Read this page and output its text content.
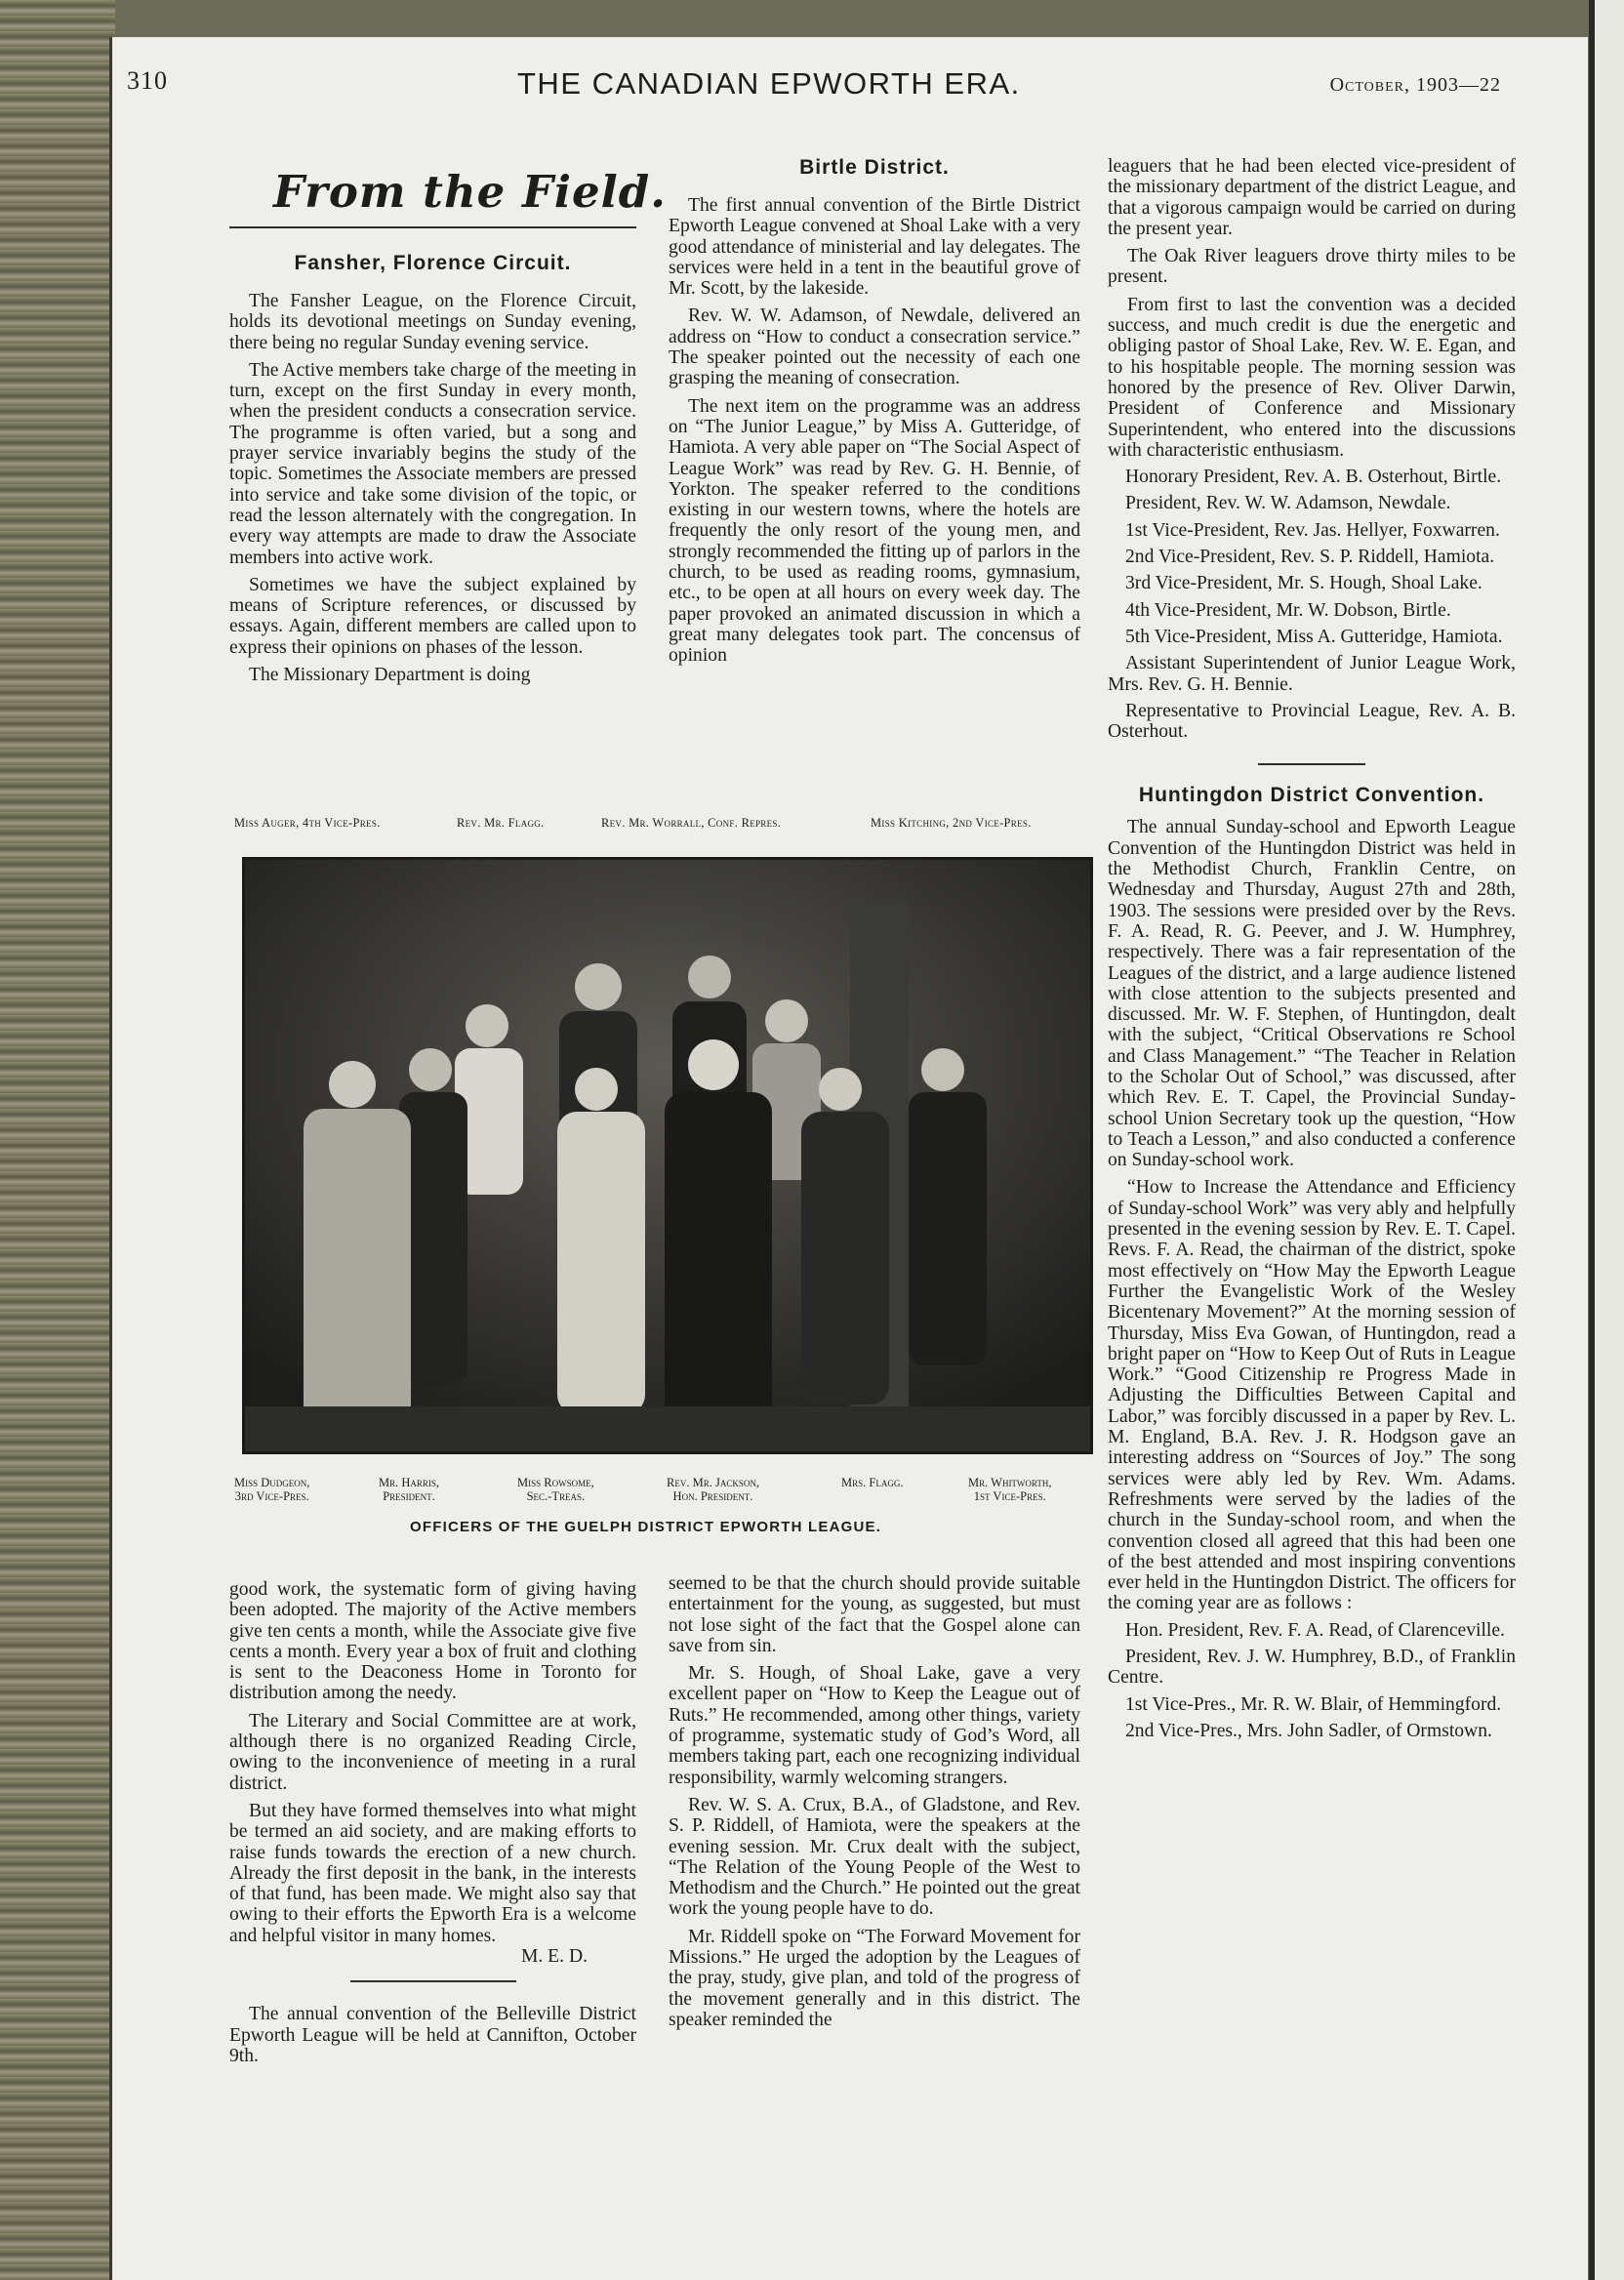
310	THE CANADIAN EPWORTH ERA.	October, 1903—22
From the Field.
Fansher, Florence Circuit.

The Fansher League, on the Florence Circuit, holds its devotional meetings on Sunday evening, there being no regular Sunday evening service.

The Active members take charge of the meeting in turn, except on the first Sunday in every month, when the president conducts a consecration service. The programme is often varied, but a song and prayer service invariably begins the study of the topic. Sometimes the Associate members are pressed into service and take some division of the topic, or read the lesson alternately with the congregation. In every way attempts are made to draw the Associate members into active work.

Sometimes we have the subject explained by means of Scripture references, or discussed by essays. Again, different members are called upon to express their opinions on phases of the lesson.

The Missionary Department is doing

Birtle District.

The first annual convention of the Birtle District Epworth League convened at Shoal Lake with a very good attendance of ministerial and lay delegates. The services were held in a tent in the beautiful grove of Mr. Scott, by the lakeside.

Rev. W. W. Adamson, of Newdale, delivered an address on “How to conduct a consecration service.” The speaker pointed out the necessity of each one grasping the meaning of consecration.

The next item on the programme was an address on “The Junior League,” by Miss A. Gutteridge, of Hamiota. A very able paper on “The Social Aspect of League Work” was read by Rev. G. H. Bennie, of Yorkton. The speaker referred to the conditions existing in our western towns, where the hotels are frequently the only resort of the young men, and strongly recommended the fitting up of parlors in the church, to be used as reading rooms, gymnasium, etc., to be open at all hours on every week day. The paper provoked an animated discussion in which a great many delegates took part. The concensus of opinion

leaguers that he had been elected vice-president of the missionary department of the district League, and that a vigorous campaign would be carried on during the present year.

The Oak River leaguers drove thirty miles to be present.

From first to last the convention was a decided success, and much credit is due the energetic and obliging pastor of Shoal Lake, Rev. W. E. Egan, and to his hospitable people. The morning session was honored by the presence of Rev. Oliver Darwin, President of Conference and Missionary Superintendent, who entered into the discussions with characteristic enthusiasm.

Honorary President, Rev. A. B. Osterhout, Birtle.

President, Rev. W. W. Adamson, Newdale.

1st Vice-President, Rev. Jas. Hellyer, Foxwarren.

2nd Vice-President, Rev. S. P. Riddell, Hamiota.

3rd Vice-President, Mr. S. Hough, Shoal Lake.

4th Vice-President, Mr. W. Dobson, Birtle.

5th Vice-President, Miss A. Gutteridge, Hamiota.

Assistant Superintendent of Junior League Work, Mrs. Rev. G. H. Bennie.

Representative to Provincial League, Rev. A. B. Osterhout.

Huntingdon District Convention.

The annual Sunday-school and Epworth League Convention of the Huntingdon District was held in the Methodist Church, Franklin Centre, on Wednesday and Thursday, August 27th and 28th, 1903. The sessions were presided over by the Revs. F. A. Read, R. G. Peever, and J. W. Humphrey, respectively. There was a fair representation of the Leagues of the district, and a large audience listened with close attention to the subjects presented and discussed. Mr. W. F. Stephen, of Huntingdon, dealt with the subject, “Critical Observations re School and Class Management.” “The Teacher in Relation to the Scholar Out of School,” was discussed, after which Rev. E. T. Capel, the Provincial Sunday-school Union Secretary took up the question, “How to Teach a Lesson,” and also conducted a conference on Sunday-school work.

“How to Increase the Attendance and Efficiency of Sunday-school Work” was very ably and helpfully presented in the evening session by Rev. E. T. Capel. Revs. F. A. Read, the chairman of the district, spoke most effectively on “How May the Epworth League Further the Evangelistic Work of the Wesley Bicentenary Movement?” At the morning session of Thursday, Miss Eva Gowan, of Huntingdon, read a bright paper on “How to Keep Out of Ruts in League Work.” “Good Citizenship re Progress Made in Adjusting the Difficulties Between Capital and Labor,” was forcibly discussed in a paper by Rev. L. M. England, B.A. Rev. J. R. Hodgson gave an interesting address on “Sources of Joy.” The song services were ably led by Rev. Wm. Adams. Refreshments were served by the ladies of the church in the Sunday-school room, and when the convention closed all agreed that this had been one of the best attended and most inspiring conventions ever held in the Huntingdon District. The officers for the coming year are as follows :

Hon. President, Rev. F. A. Read, of Clarenceville.

President, Rev. J. W. Humphrey, B.D., of Franklin Centre.

1st Vice-Pres., Mr. R. W. Blair, of Hemmingford.

2nd Vice-Pres., Mrs. John Sadler, of Ormstown.

Miss Auger, 4th Vice-Pres.	Rev. Mr. Flagg.	Rev. Mr. Worrall, Conf. Repres.	Miss Kitching, 2nd Vice-Pres.
Miss Dudgeon,
3rd Vice-Pres.
Mr. Harris,
President.
Miss Rowsome,
Sec.-Treas.
Rev. Mr. Jackson,
Hon. President.
Mrs. Flagg.	Mr. Whitworth,
1st Vice-Pres.
OFFICERS OF THE GUELPH DISTRICT EPWORTH LEAGUE.

good work, the systematic form of giving having been adopted. The majority of the Active members give ten cents a month, while the Associate give five cents a month. Every year a box of fruit and clothing is sent to the Deaconess Home in Toronto for distribution among the needy.

The Literary and Social Committee are at work, although there is no organized Reading Circle, owing to the inconvenience of meeting in a rural district.

But they have formed themselves into what might be termed an aid society, and are making efforts to raise funds towards the erection of a new church. Already the first deposit in the bank, in the interests of that fund, has been made. We might also say that owing to their efforts the Epworth Era is a welcome and helpful visitor in many homes.

M. E. D.

The annual convention of the Belleville District Epworth League will be held at Cannifton, October 9th.

seemed to be that the church should provide suitable entertainment for the young, as suggested, but must not lose sight of the fact that the Gospel alone can save from sin.

Mr. S. Hough, of Shoal Lake, gave a very excellent paper on “How to Keep the League out of Ruts.” He recommended, among other things, variety of programme, systematic study of God’s Word, all members taking part, each one recognizing individual responsibility, warmly welcoming strangers.

Rev. W. S. A. Crux, B.A., of Gladstone, and Rev. S. P. Riddell, of Hamiota, were the speakers at the evening session. Mr. Crux dealt with the subject, “The Relation of the Young People of the West to Methodism and the Church.” He pointed out the great work the young people have to do.

Mr. Riddell spoke on “The Forward Movement for Missions.” He urged the adoption by the Leagues of the pray, study, give plan, and told of the progress of the movement generally and in this district. The speaker reminded the
